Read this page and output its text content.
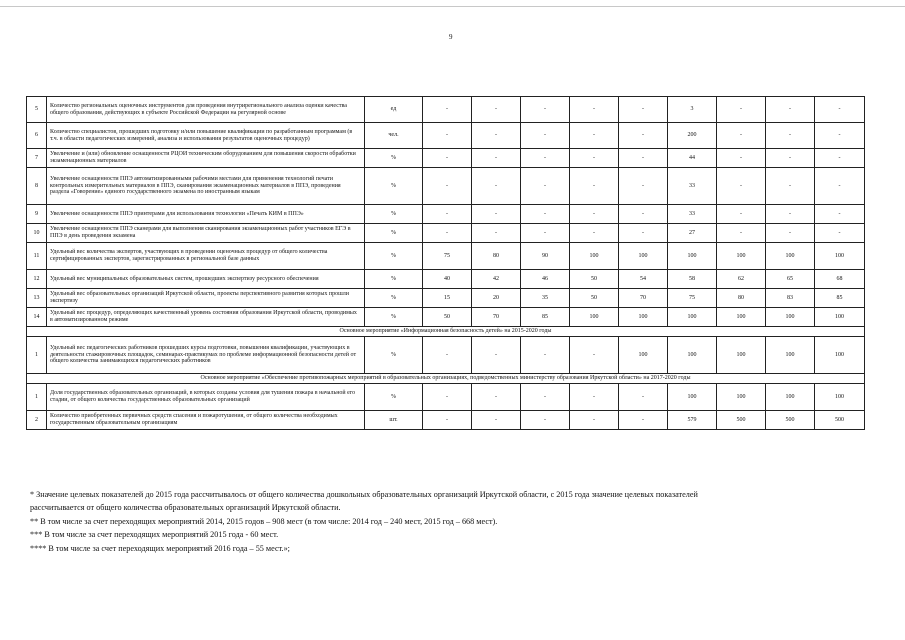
9
5	Количество региональных оценочных инструментов для проведения внутрирегионального анализа оценки качества общего образования, действующих в субъекте Российской Федерации на регулярной основе	ед	-	-	-	-	-	3	-	-	-
6	Количество специалистов, прошедших подготовку и/или повышение квалификации по разработанным программам (в т.ч. в области педагогических измерений, анализа и использования результатов оценочных процедур)	чел.	-	-	-	-	-	200	-	-	-
7	Увеличение и (или) обновление оснащенности РЦОИ техническим оборудованием для повышения скорости обработки экзаменационных материалов	%	-	-	-	-	-	44	-	-	-
8	Увеличение оснащенности ППЭ автоматизированными рабочими местами для применения технологий печати контрольных измерительных материалов в ППЭ, сканирования экзаменационных материалов в ППЭ, проведения раздела «Говорение» единого государственного экзамена по иностранным языкам	%	-	-	-	-	-	33	-	-	-
9	Увеличение оснащенности ППЭ принтерами для использования технологии «Печать КИМ в ППЭ»	%	-	-	-	-	-	33	-	-	-
10	Увеличение оснащенности ППЭ сканерами для выполнения сканирования экзаменационных работ участников ЕГЭ в ППЭ в день проведения экзамена	%	-	-	-	-	-	27	-	-	-
11	Удельный вес количества экспертов, участвующих в проведении оценочных процедур от общего количества сертифицированных экспертов, зарегистрированных в региональной базе данных	%	75	80	90	100	100	100	100	100	100
12	Удельный вес муниципальных образовательных систем, прошедших экспертизу ресурсного обеспечения	%	40	42	46	50	54	58	62	65	68
13	Удельный вес образовательных организаций Иркутской области, проекты перспективного развития которых прошли экспертизу	%	15	20	35	50	70	75	80	83	85
14	Удельный вес процедур, определяющих качественный уровень состояния образования Иркутской области, проводимых в автоматизированном режиме	%	50	70	85	100	100	100	100	100	100
Основное мероприятие «Информационная безопасность детей» на 2015-2020 годы											
1	Удельный вес педагогических работников прошедших курсы подготовки, повышения квалификации, участвующих в деятельности стажировочных площадок, семинарах-практикумах по проблеме информационной безопасности детей от общего количества занимающихся педагогических работников	%	-	-	-	-	100	100	100	100	100
Основное мероприятие «Обеспечение противопожарных мероприятий в образовательных организациях, подведомственных министерству образования Иркутской области» на 2017-2020 годы											
1	Доля государственных образовательных организаций, в которых созданы условия для тушения пожара в начальной его стадии, от общего количества государственных образовательных организаций	%	-	-	-	-	-	100	100	100	100
2	Количество приобретенных первичных средств спасения и пожаротушения, от общего количества необходимых государственным образовательным организациям	шт.	-	-	-	-	-	579	500	500	500
* Значение целевых показателей до 2015 года рассчитывалось от общего количества дошкольных образовательных организаций Иркутской области, с 2015 года значение целевых показателей
рассчитывается от общего количества образовательных организаций Иркутской области.
** В том числе за счет переходящих мероприятий 2014, 2015 годов – 908 мест (в том числе: 2014 год – 240 мест, 2015 год – 668 мест).
*** В том числе за счет переходящих мероприятий 2015 года - 60 мест.
**** В том числе за счет переходящих мероприятий 2016 года – 55 мест.»;
